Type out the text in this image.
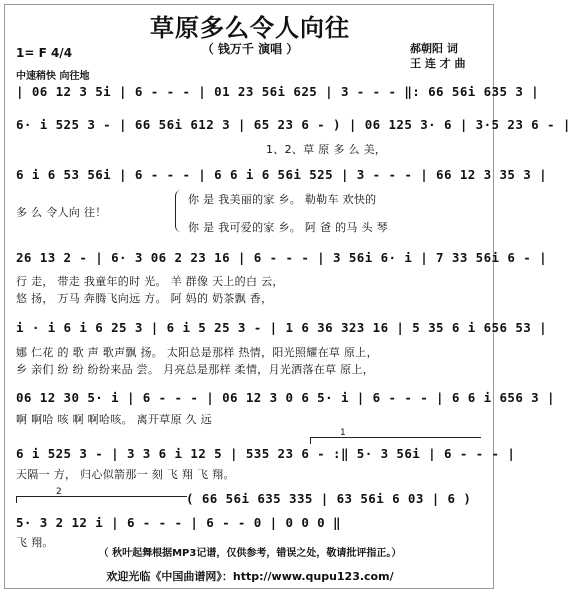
草原多么令人向往
（ 钱万千 演唱 ）	郝朝阳 词
王 连 才 曲
1= F 4/4
中速稍快 向往地
| 06 12 3 5i | 6 - - - | 01 23 56i 625 | 3 - - - ‖: 66 56i 635 3 |
6· i 525 3 - | 66 56i 612 3 | 65 23 6 - ) | 06 125 3· 6 | 3·5 23 6 - |
1、2、草 原 多 么 美，
6 i 6 53 56i | 6 - - - | 6 6 i 6 56i 525 | 3 - - - | 66 12 3 35 3 |
多 么 令人向 往！
你 是 我美丽的家 乡。 勒勒车 欢快的
你 是 我可爱的家 乡。 阿 爸 的马 头 琴
26 13 2 - | 6· 3 06 2 23 16 | 6 - - - | 3 56i 6· i | 7 33 56i 6 - |
行 走， 带走 我童年的时 光。 羊 群像 天上的白 云，
悠 扬， 万马 奔腾飞向远 方。 阿 妈的 奶茶飘 香，
i · i 6 i 6 25 3 | 6 i 5 25 3 - | 1 6 36 323 16 | 5 35 6 i 656 53 |
娜 仁花 的 歌 声 歌声飘 扬。 太阳总是那样 热情，阳光照耀在草 原上，
乡 亲们 纷 纷 纷纷来品 尝。 月亮总是那样 柔情，月光洒落在草 原上，
06 12 30 5· i | 6 - - - | 06 12 3 0 6 5· i | 6 - - - | 6 6 i 656 3 |
啊 啊哈 咳 啊 啊哈咳。 离开草原 久 远
1
6 i 525 3 - | 3 3 6 i 12 5 | 535 23 6 - :‖ 5· 3 56i | 6 - - - |
天隔一 方， 归心似箭那一 刻 飞 翔 飞 翔。
2	( 66 56i 635 335 | 63 56i 6 03 | 6 )
5· 3 2 12 i | 6 - - - | 6 - - 0 | 0 0 0 ‖
飞 翔。
（ 秋叶起舞根据MP3记谱，仅供参考，错误之处，敬请批评指正。）
欢迎光临《中国曲谱网》：http://www.qupu123.com/
